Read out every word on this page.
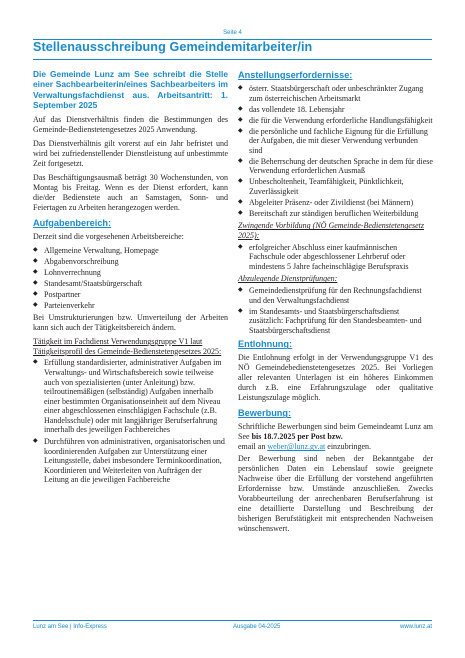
Seite 4
Stellenausschreibung Gemeindemitarbeiter/in

Die Gemeinde Lunz am See schreibt die Stelle einer Sachbearbeiterin/eines Sachbearbeiters im Verwaltungsfachdienst aus. Arbeitsantritt: 1. September 2025

Auf das Dienstverhältnis finden die Bestimmungen des Gemeinde-Bedienstetengesetzes 2025 Anwendung.

Das Dienstverhältnis gilt vorerst auf ein Jahr befristet und wird bei zufriedenstellender Dienstleistung auf unbestimmte Zeit fortgesetzt.

Das Beschäftigungsausmaß beträgt 30 Wochenstunden, von Montag bis Freitag. Wenn es der Dienst erfordert, kann die/der Bedienstete auch an Samstagen, Sonn- und Feiertagen zu Arbeiten herangezogen werden.

Aufgabenbereich:

Derzeit sind die vorgesehenen Arbeitsbereiche:

◆ Allgemeine Verwaltung, Homepage
◆ Abgabenvorschreibung
◆ Lohnverrechnung
◆ Standesamt/Staatsbürgerschaft
◆ Postpartner
◆ Parteienverkehr

Bei Umstrukturierungen bzw. Umverteilung der Arbeiten kann sich auch der Tätigkeitsbereich ändern.

Tätigkeit im Fachdienst Verwendungsgruppe V1 laut Tätigkeitsprofil des Gemeinde-Bedienstetengesetzes 2025:
◆ Erfüllung standardisierter, administrativer Aufgaben im Verwaltungs- und Wirtschaftsbereich sowie teilweise auch von spezialisierten (unter Anleitung) bzw. teilroutinemäßigen (selbständig) Aufgaben innerhalb einer bestimmten Organisationseinheit auf dem Niveau einer abgeschlossenen einschlägigen Fachschule (z.B. Handelsschule) oder mit langjähriger Berufserfahrung innerhalb des jeweiligen Fachbereiches
◆ Durchführen von administrativen, organisatorischen und koordinierenden Aufgaben zur Unterstützung einer Leitungsstelle, dabei insbesondere Terminkoordination, Koordinieren und Weiterleiten von Aufträgen der Leitung an die jeweiligen Fachbereiche
Anstellungserfordernisse:
◆ österr. Staatsbürgerschaft oder unbeschränkter Zugang zum österreichischen Arbeitsmarkt
◆ das vollendete 18. Lebensjahr
◆ die für die Verwendung erforderliche Handlungsfähigkeit
◆ die persönliche und fachliche Eignung für die Erfüllung der Aufgaben, die mit dieser Verwendung verbunden sind
◆ die Beherrschung der deutschen Sprache in dem für diese Verwendung erforderlichen Ausmaß
◆ Unbescholtenheit, Teamfähigkeit, Pünktlichkeit, Zuverlässigkeit
◆ Abgeleiter Präsenz- oder Zivildienst (bei Männern)
◆ Bereitschaft zur ständigen beruflichen Weiterbildung
Zwingende Vorbildung (NÖ Gemeinde-Bedienstetengesetz 2025):
◆ erfolgreicher Abschluss einer kaufmännischen Fachschule oder abgeschlossener Lehrberuf oder mindestens 5 Jahre facheinschlägige Berufspraxis
Abzulegende Dienstprüfungen:
◆ Gemeindedienstprüfung für den Rechnungsfachdienst und den Verwaltungsfachdienst
◆ im Standesamts- und Staatsbürgerschaftsdienst zusätzlich: Fachprüfung für den Standesbeamten- und Staatsbürgerschaftsdienst
Entlohnung:

Die Entlohnung erfolgt in der Verwendungsgruppe V1 des NÖ Gemeindebedienstetengesetzes 2025. Bei Vorliegen aller relevanten Unterlagen ist ein höheres Einkommen durch z.B. eine Erfahrungszulage oder qualitative Leistungszulage möglich.

Bewerbung:

Schriftliche Bewerbungen sind beim Gemeindeamt Lunz am See bis 18.7.2025 per Post bzw.
email an weber@lunz.gv.at einzubringen.

Der Bewerbung sind neben der Bekanntgabe der persönlichen Daten ein Lebenslauf sowie geeignete Nachweise über die Erfüllung der vorstehend angeführten Erfordernisse bzw. Umstände anzuschließen. Zwecks Vorabbeurteilung der anrechenbaren Berufserfahrung ist eine detaillierte Darstellung und Beschreibung der bisherigen Berufstätigkeit mit entsprechenden Nachweisen wünschenswert.

Lunz am See | Info-Express	Ausgabe 04-2025	www.lunz.at
